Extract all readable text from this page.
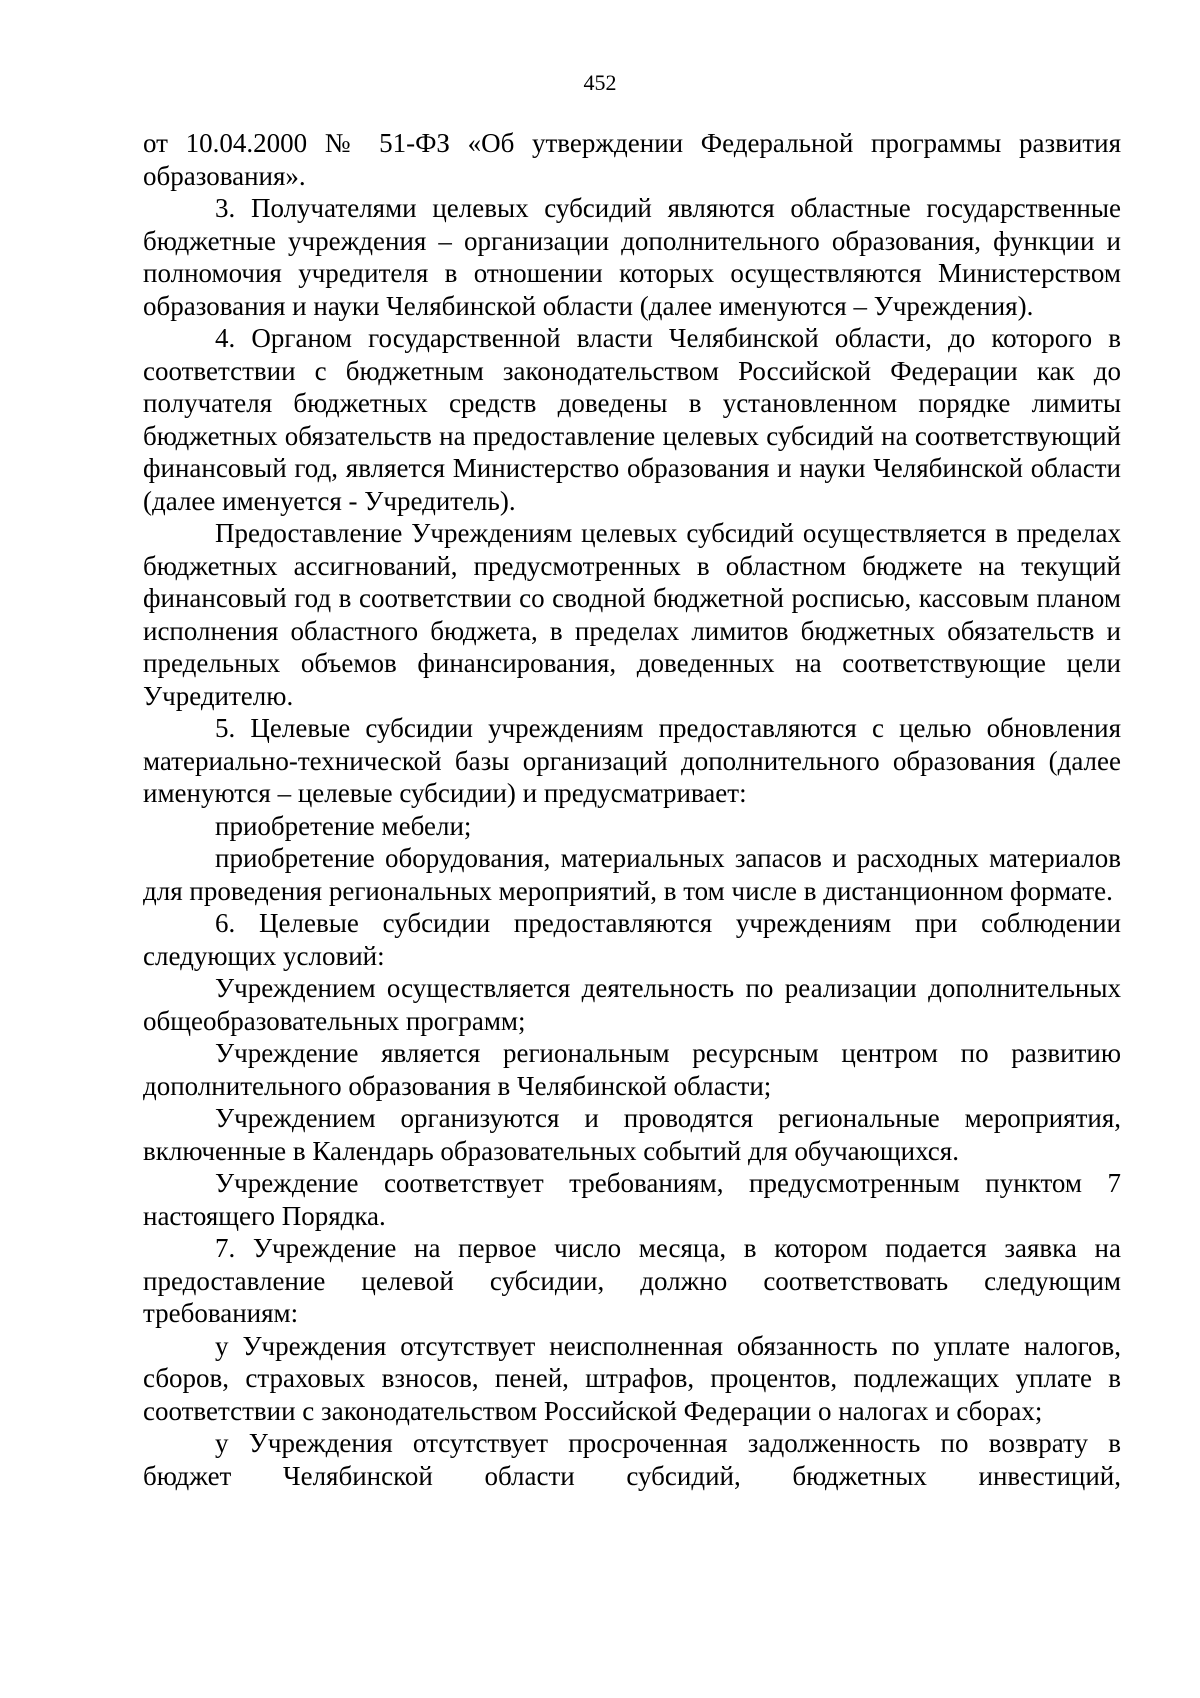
452

от 10.04.2000 № 51-ФЗ «Об утверждении Федеральной программы развития образования».

3. Получателями целевых субсидий являются областные государственные бюджетные учреждения – организации дополнительного образования, функции и полномочия учредителя в отношении которых осуществляются Министерством образования и науки Челябинской области (далее именуются – Учреждения).

4. Органом государственной власти Челябинской области, до которого в соответствии с бюджетным законодательством Российской Федерации как до получателя бюджетных средств доведены в установленном порядке лимиты бюджетных обязательств на предоставление целевых субсидий на соответствующий финансовый год, является Министерство образования и науки Челябинской области (далее именуется - Учредитель).

Предоставление Учреждениям целевых субсидий осуществляется в пределах бюджетных ассигнований, предусмотренных в областном бюджете на текущий финансовый год в соответствии со сводной бюджетной росписью, кассовым планом исполнения областного бюджета, в пределах лимитов бюджетных обязательств и предельных объемов финансирования, доведенных на соответствующие цели Учредителю.

5. Целевые субсидии учреждениям предоставляются с целью обновления материально-технической базы организаций дополнительного образования (далее именуются – целевые субсидии) и предусматривает:

приобретение мебели;

приобретение оборудования, материальных запасов и расходных материалов для проведения региональных мероприятий, в том числе в дистанционном формате.

6. Целевые субсидии предоставляются учреждениям при соблюдении следующих условий:

Учреждением осуществляется деятельность по реализации дополнительных общеобразовательных программ;

Учреждение является региональным ресурсным центром по развитию дополнительного образования в Челябинской области;

Учреждением организуются и проводятся региональные мероприятия, включенные в Календарь образовательных событий для обучающихся.

Учреждение соответствует требованиям, предусмотренным пунктом 7 настоящего Порядка.

7. Учреждение на первое число месяца, в котором подается заявка на предоставление целевой субсидии, должно соответствовать следующим требованиям:

у Учреждения отсутствует неисполненная обязанность по уплате налогов, сборов, страховых взносов, пеней, штрафов, процентов, подлежащих уплате в соответствии с законодательством Российской Федерации о налогах и сборах;

у Учреждения отсутствует просроченная задолженность по возврату в бюджет Челябинской области субсидий, бюджетных инвестиций,
